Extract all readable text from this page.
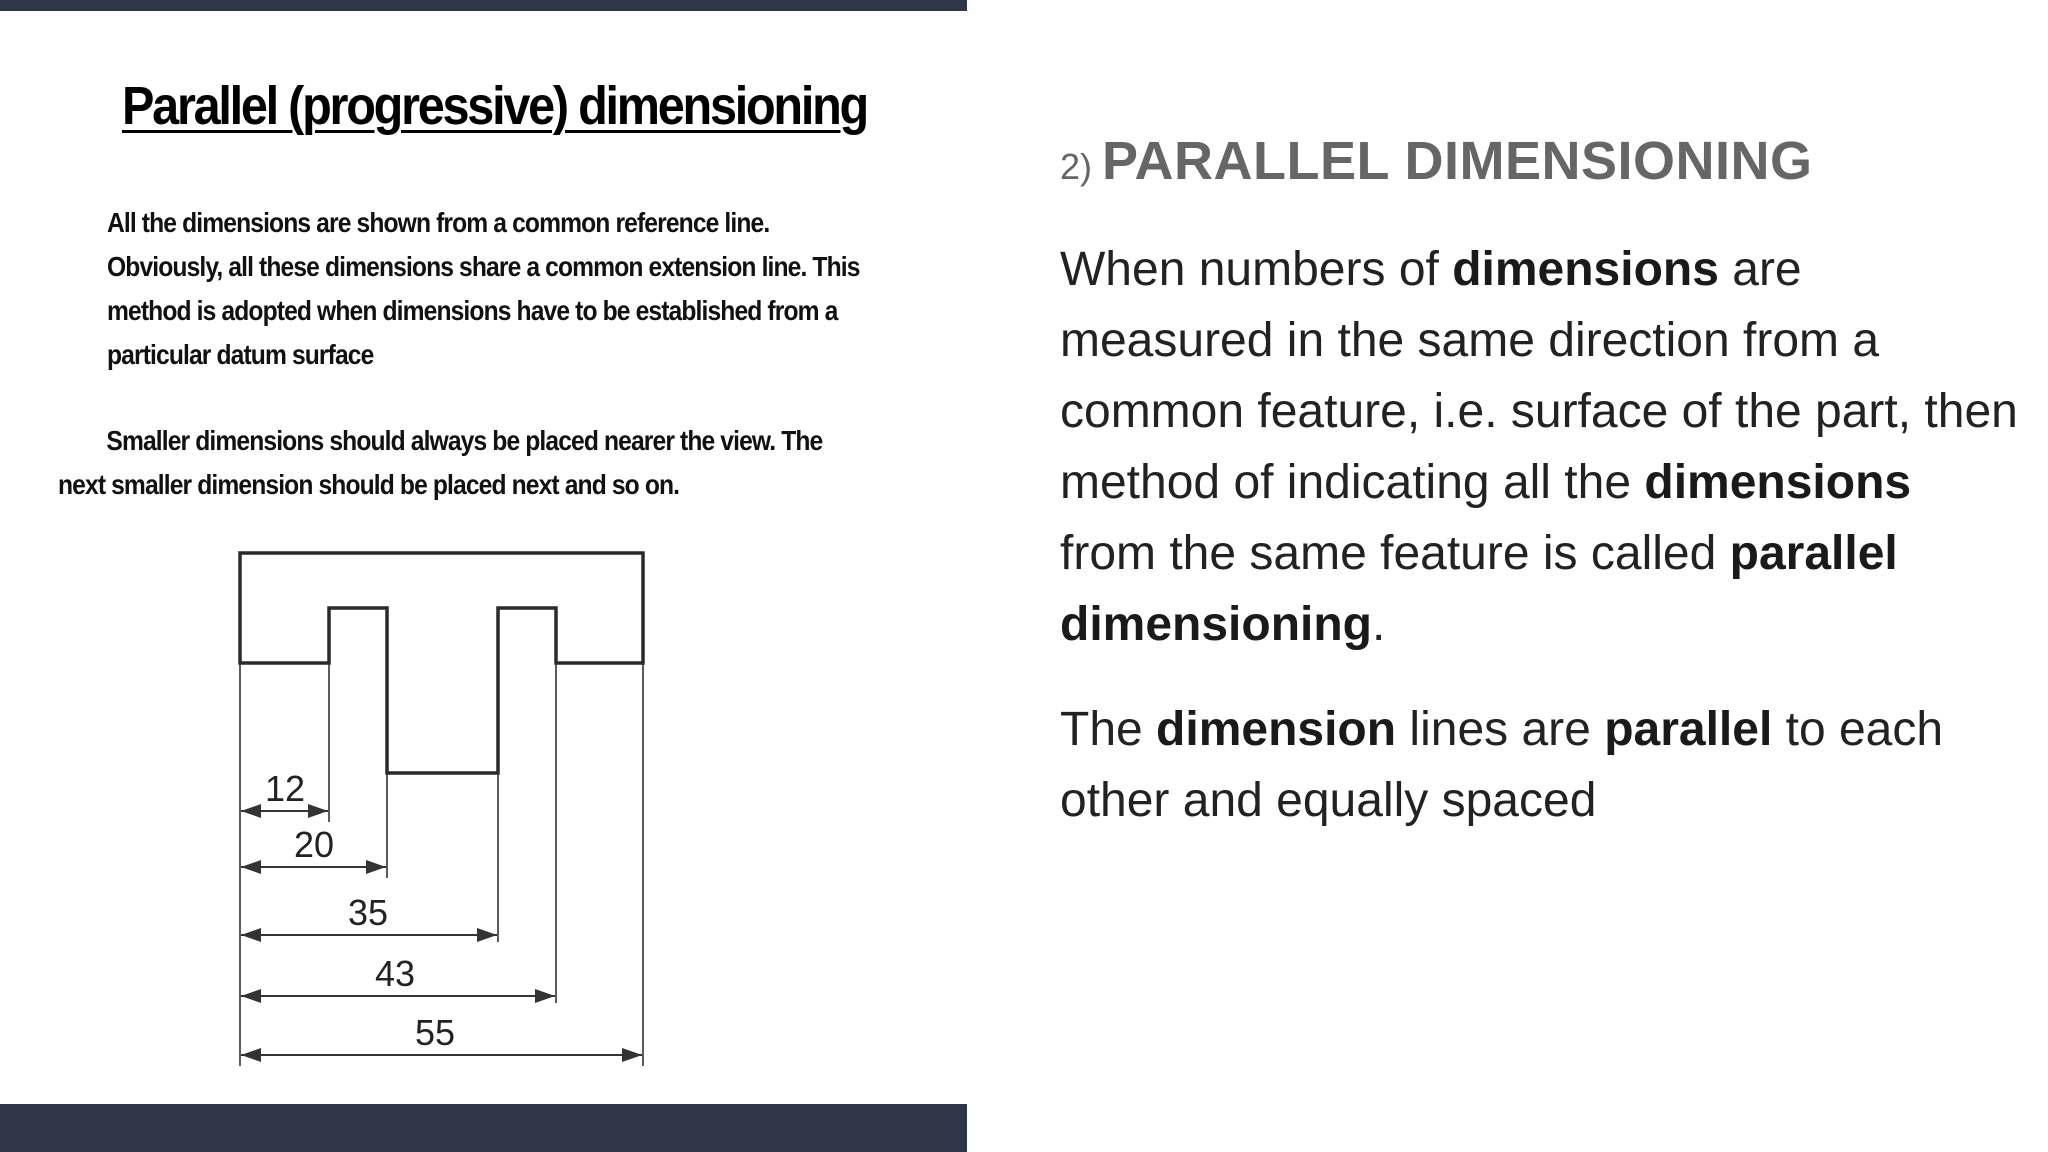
Parallel (progressive) dimensioning
All the dimensions are shown from a common reference line.
Obviously, all these dimensions share a common extension line. This
method is adopted when dimensions have to be established from a
particular datum surface
Smaller dimensions should always be placed nearer the view. The
next smaller dimension should be placed next and so on.
12
20
35
43
55
2) PARALLEL DIMENSIONING

When numbers of dimensions are measured in the same direction from a common feature, i.e. surface of the part, then method of indicating all the dimensions from the same feature is called parallel dimensioning.

The dimension lines are parallel to each other and equally spaced
